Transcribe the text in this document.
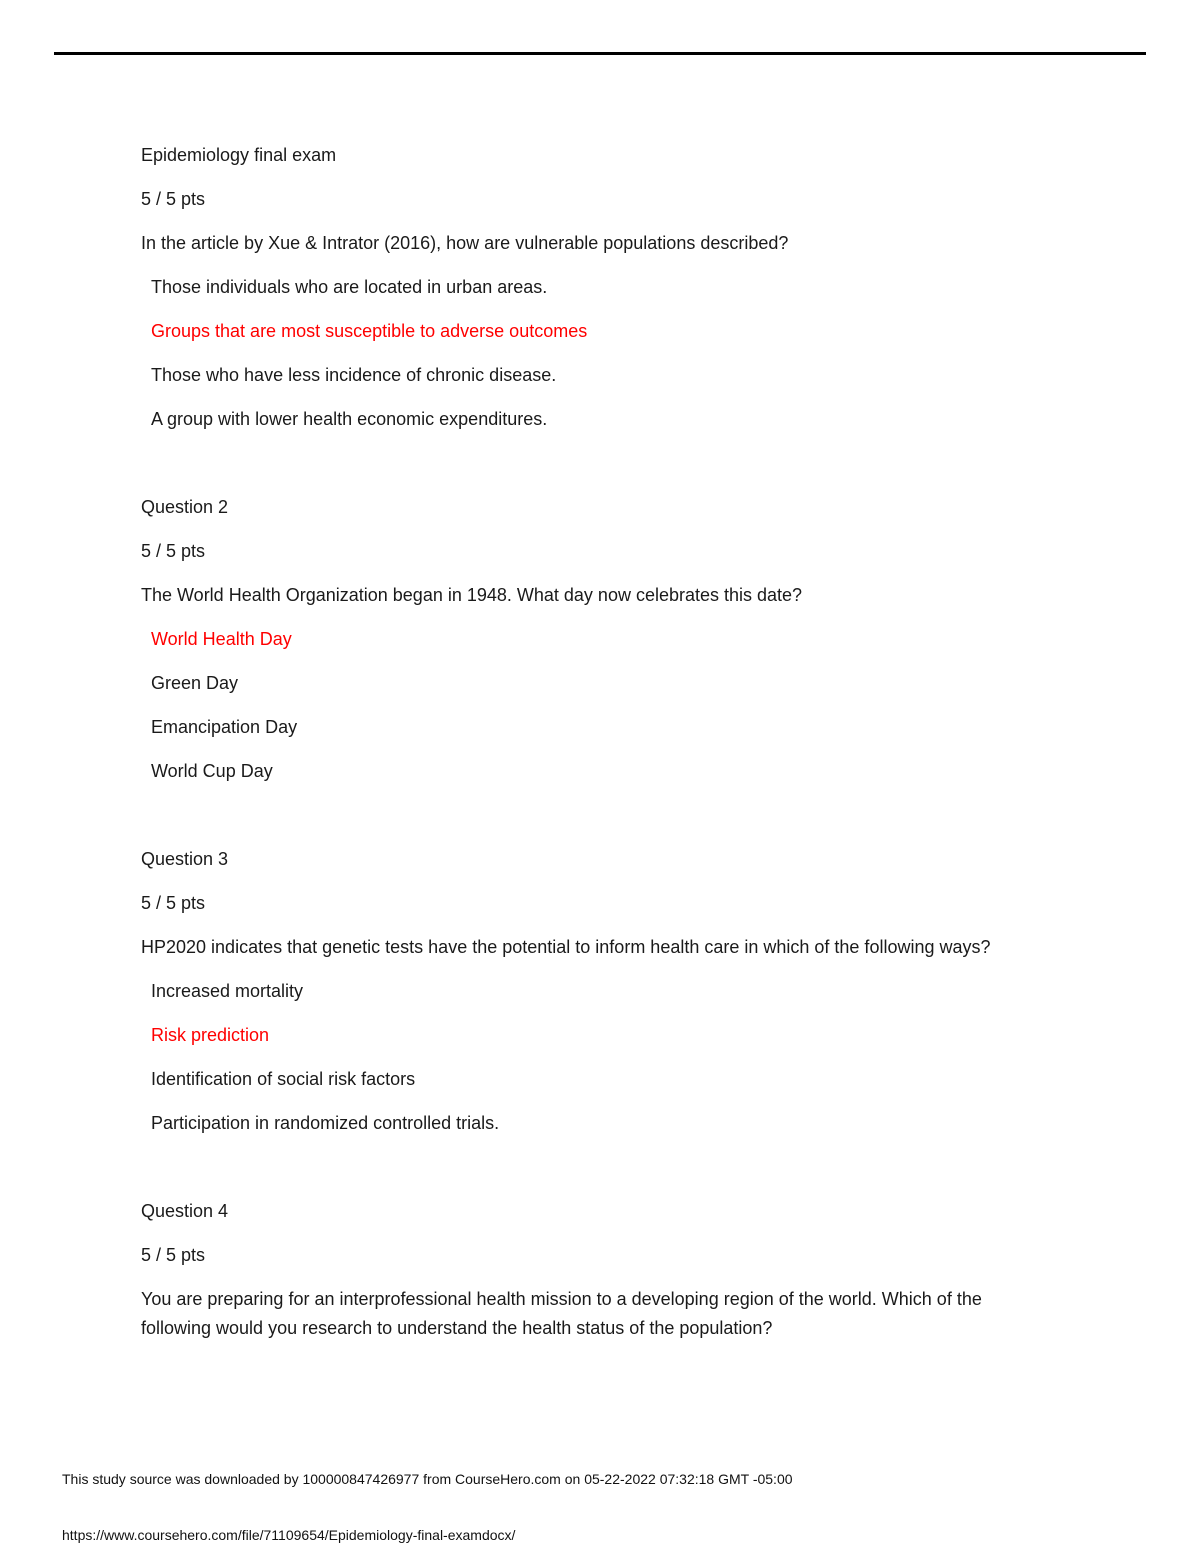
Epidemiology final exam

5 / 5 pts

In the article by Xue & Intrator (2016), how are vulnerable populations described?

Those individuals who are located in urban areas.

Groups that are most susceptible to adverse outcomes

Those who have less incidence of chronic disease.

A group with lower health economic expenditures.

Question 2

5 / 5 pts

The World Health Organization began in 1948. What day now celebrates this date?

World Health Day

Green Day

Emancipation Day

World Cup Day

Question 3

5 / 5 pts

HP2020 indicates that genetic tests have the potential to inform health care in which of the following ways?

Increased mortality

Risk prediction

Identification of social risk factors

Participation in randomized controlled trials.

Question 4

5 / 5 pts

You are preparing for an interprofessional health mission to a developing region of the world. Which of the following would you research to understand the health status of the population?

This study source was downloaded by 100000847426977 from CourseHero.com on 05-22-2022 07:32:18 GMT -05:00
https://www.coursehero.com/file/71109654/Epidemiology-final-examdocx/
